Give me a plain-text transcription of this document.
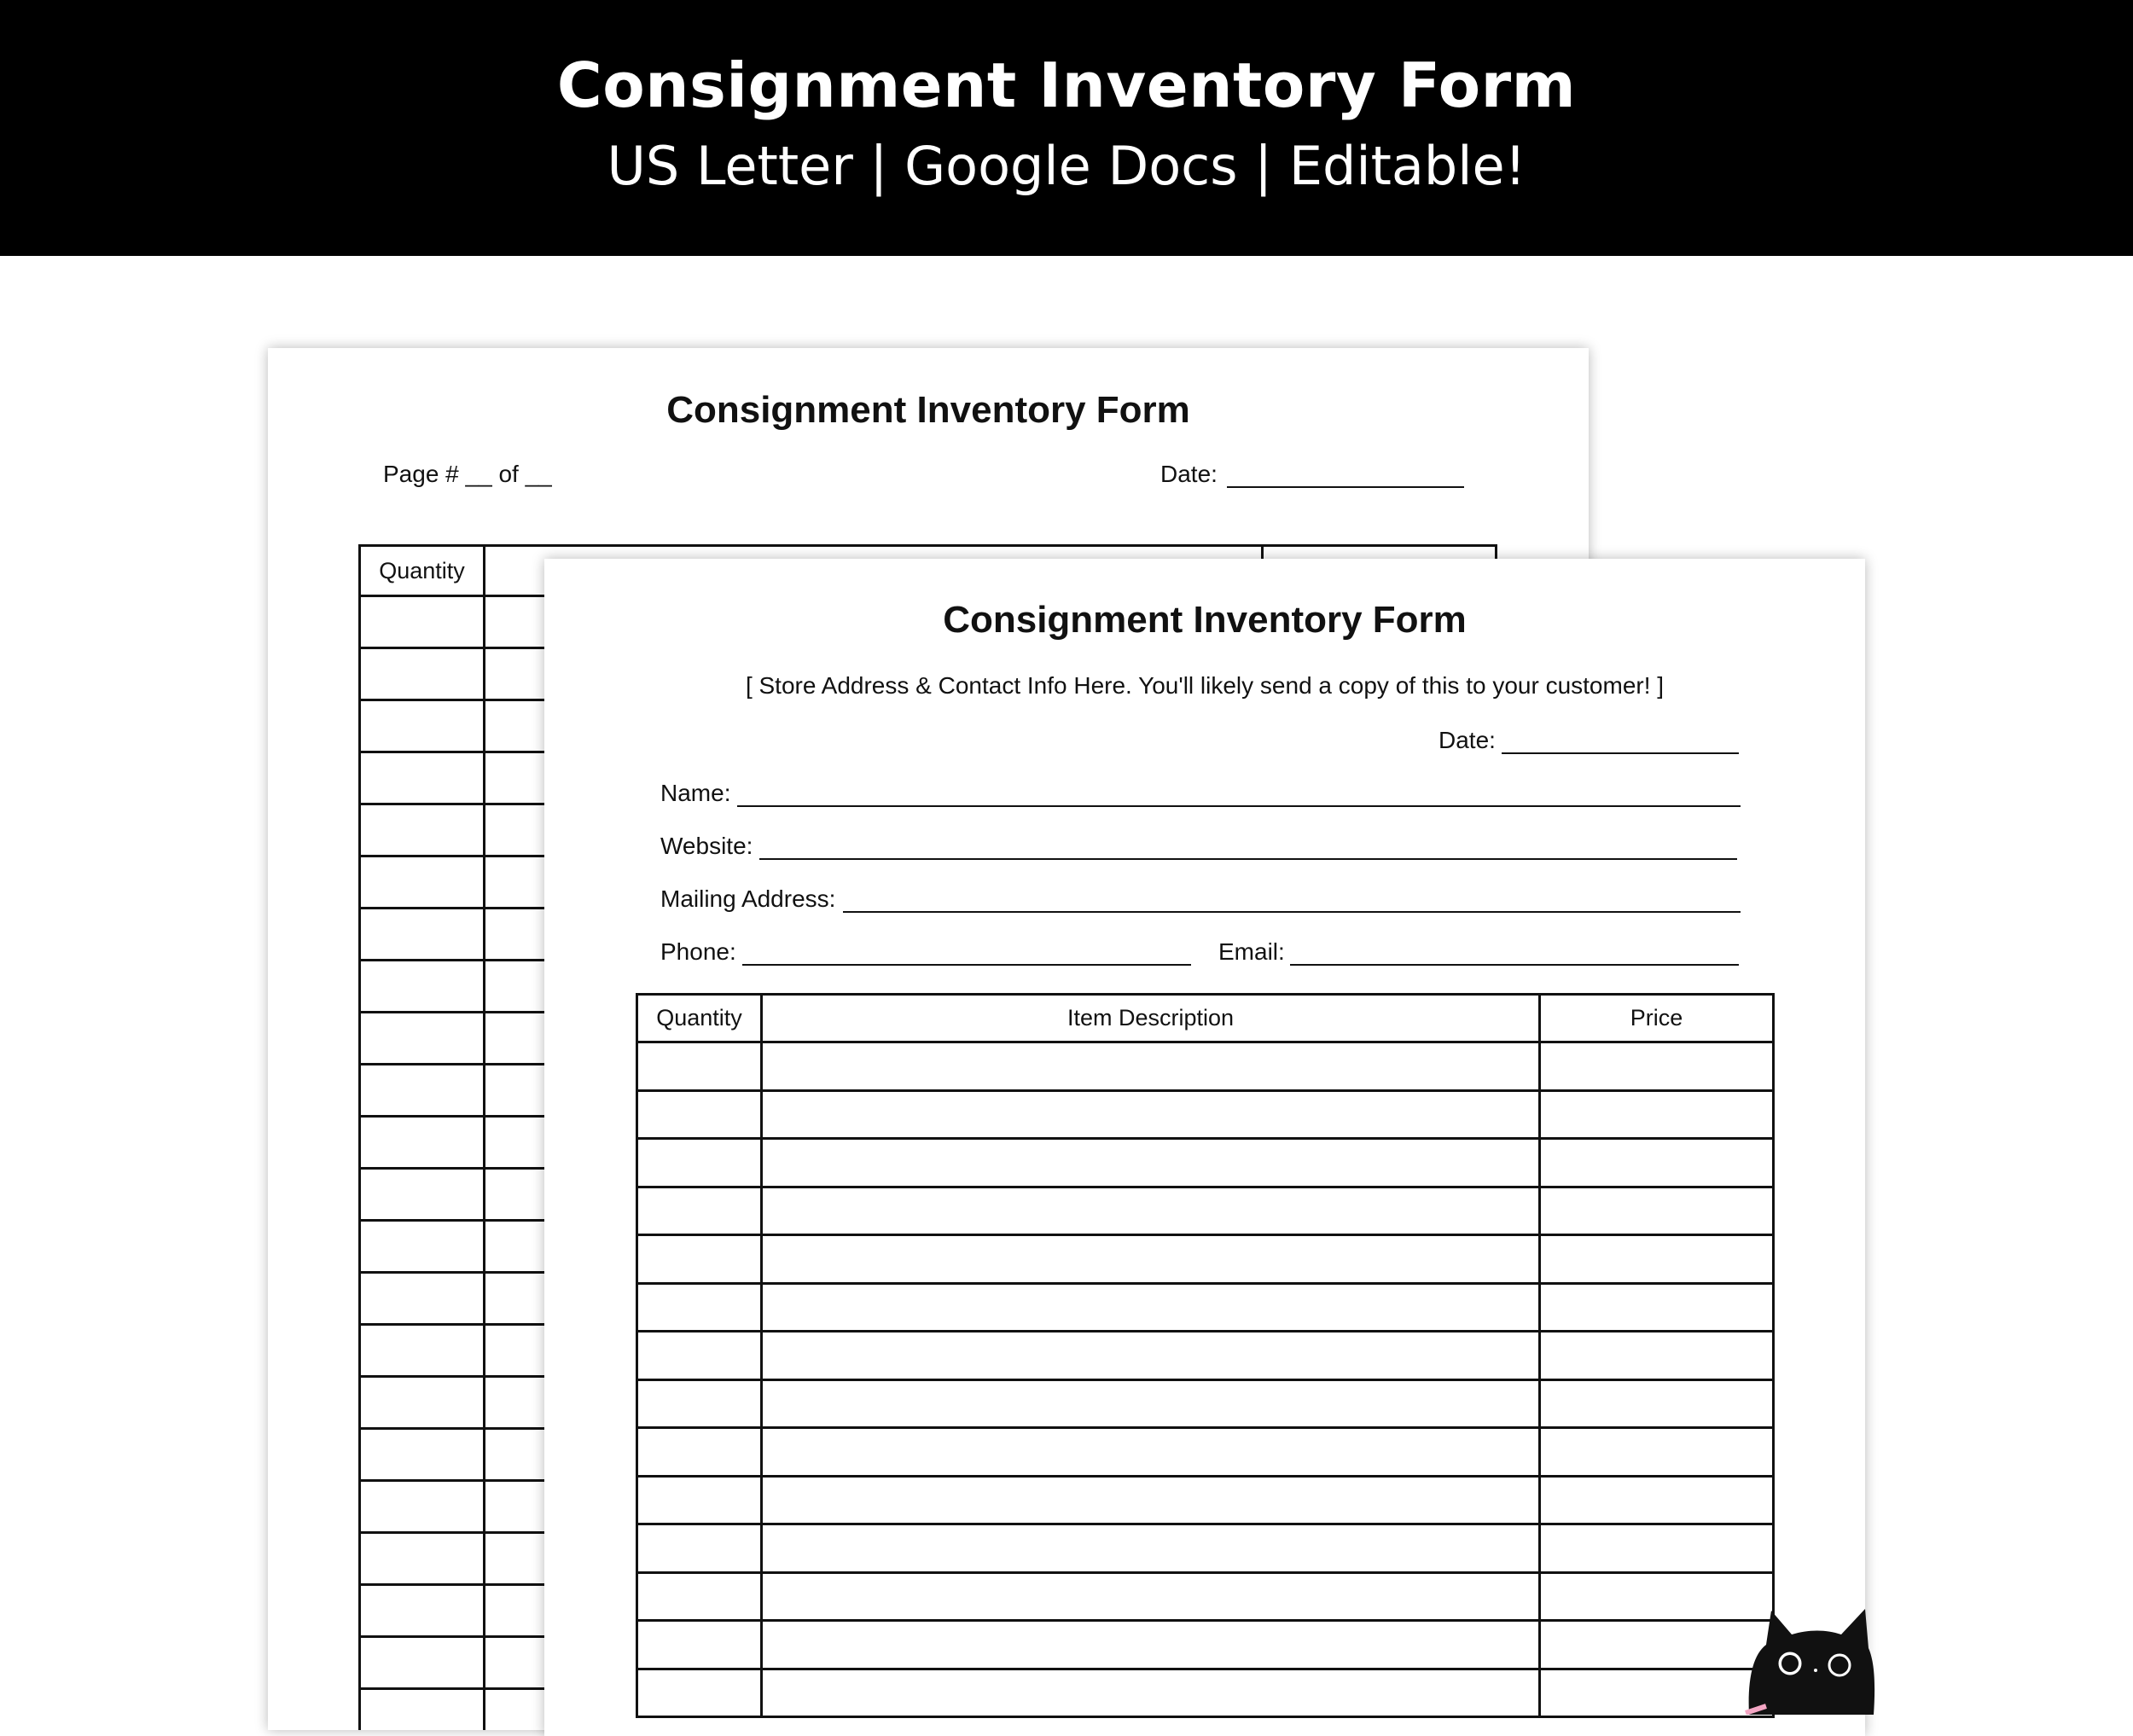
Consignment Inventory Form
US Letter | Google Docs | Editable!
Consignment Inventory Form
Page # __ of __	Date:
Quantity		

Consignment Inventory Form
[ Store Address & Contact Info Here. You'll likely send a copy of this to your customer! ]
Date:
Name:
Website:
Mailing Address:
Phone:	Email:
Quantity	Item Description	Price
